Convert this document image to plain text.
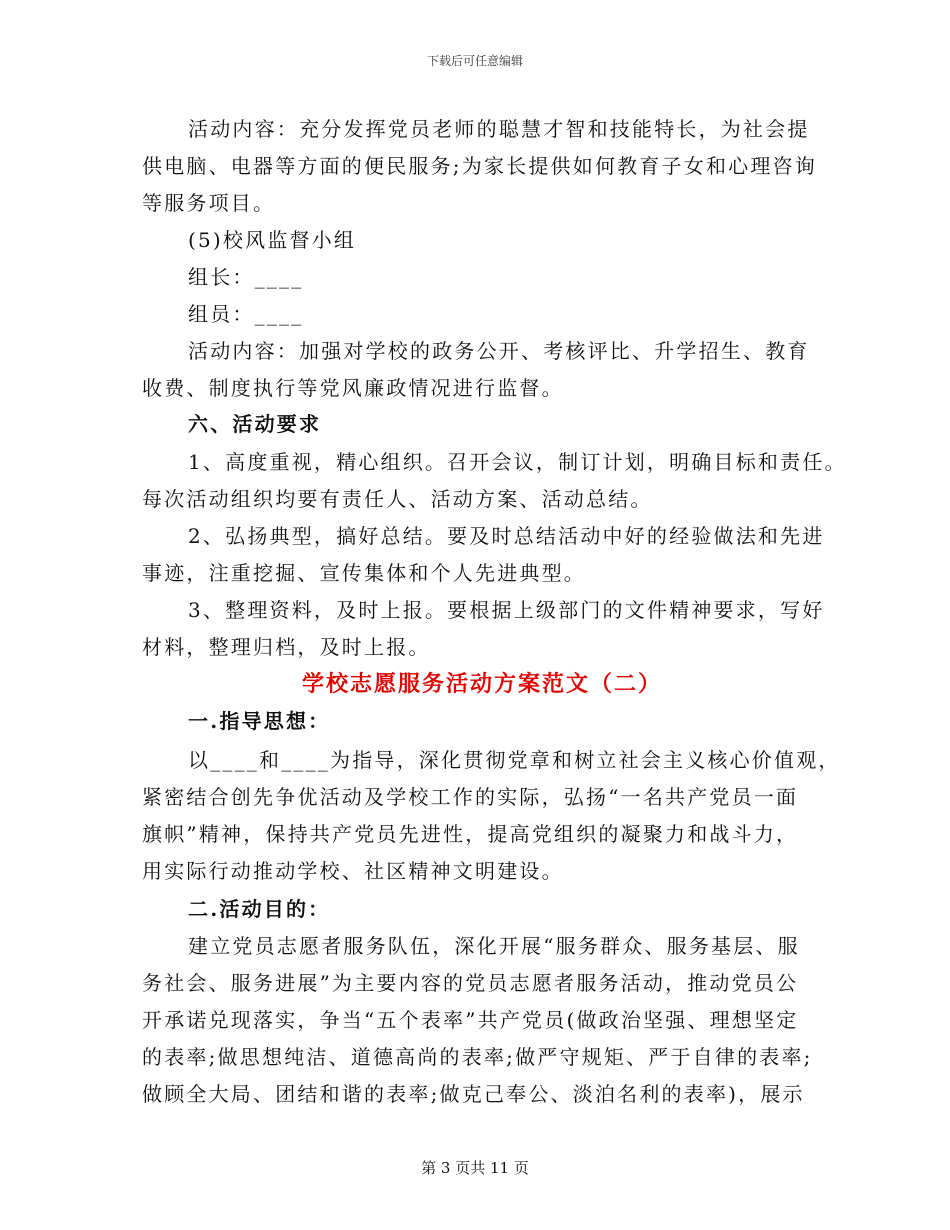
下载后可任意编辑
活动内容：充分发挥党员老师的聪慧才智和技能特长，为社会提
供电脑、电器等方面的便民服务;为家长提供如何教育子女和心理咨询
等服务项目。
(5)校风监督小组
组长：____
组员：____
活动内容：加强对学校的政务公开、考核评比、升学招生、教育
收费、制度执行等党风廉政情况进行监督。
六、活动要求
1、高度重视，精心组织。召开会议，制订计划，明确目标和责任。
每次活动组织均要有责任人、活动方案、活动总结。
2、弘扬典型，搞好总结。要及时总结活动中好的经验做法和先进
事迹，注重挖掘、宣传集体和个人先进典型。
3、整理资料，及时上报。要根据上级部门的文件精神要求，写好
材料，整理归档，及时上报。
学校志愿服务活动方案范文（二）
一.指导思想：
以____和____为指导，深化贯彻党章和树立社会主义核心价值观，
紧密结合创先争优活动及学校工作的实际，弘扬“一名共产党员一面
旗帜”精神，保持共产党员先进性，提高党组织的凝聚力和战斗力，
用实际行动推动学校、社区精神文明建设。
二.活动目的：
建立党员志愿者服务队伍，深化开展“服务群众、服务基层、服
务社会、服务进展”为主要内容的党员志愿者服务活动，推动党员公
开承诺兑现落实，争当“五个表率”共产党员(做政治坚强、理想坚定
的表率;做思想纯洁、道德高尚的表率;做严守规矩、严于自律的表率;
做顾全大局、团结和谐的表率;做克己奉公、淡泊名利的表率)，展示
第 3 页共 11 页
